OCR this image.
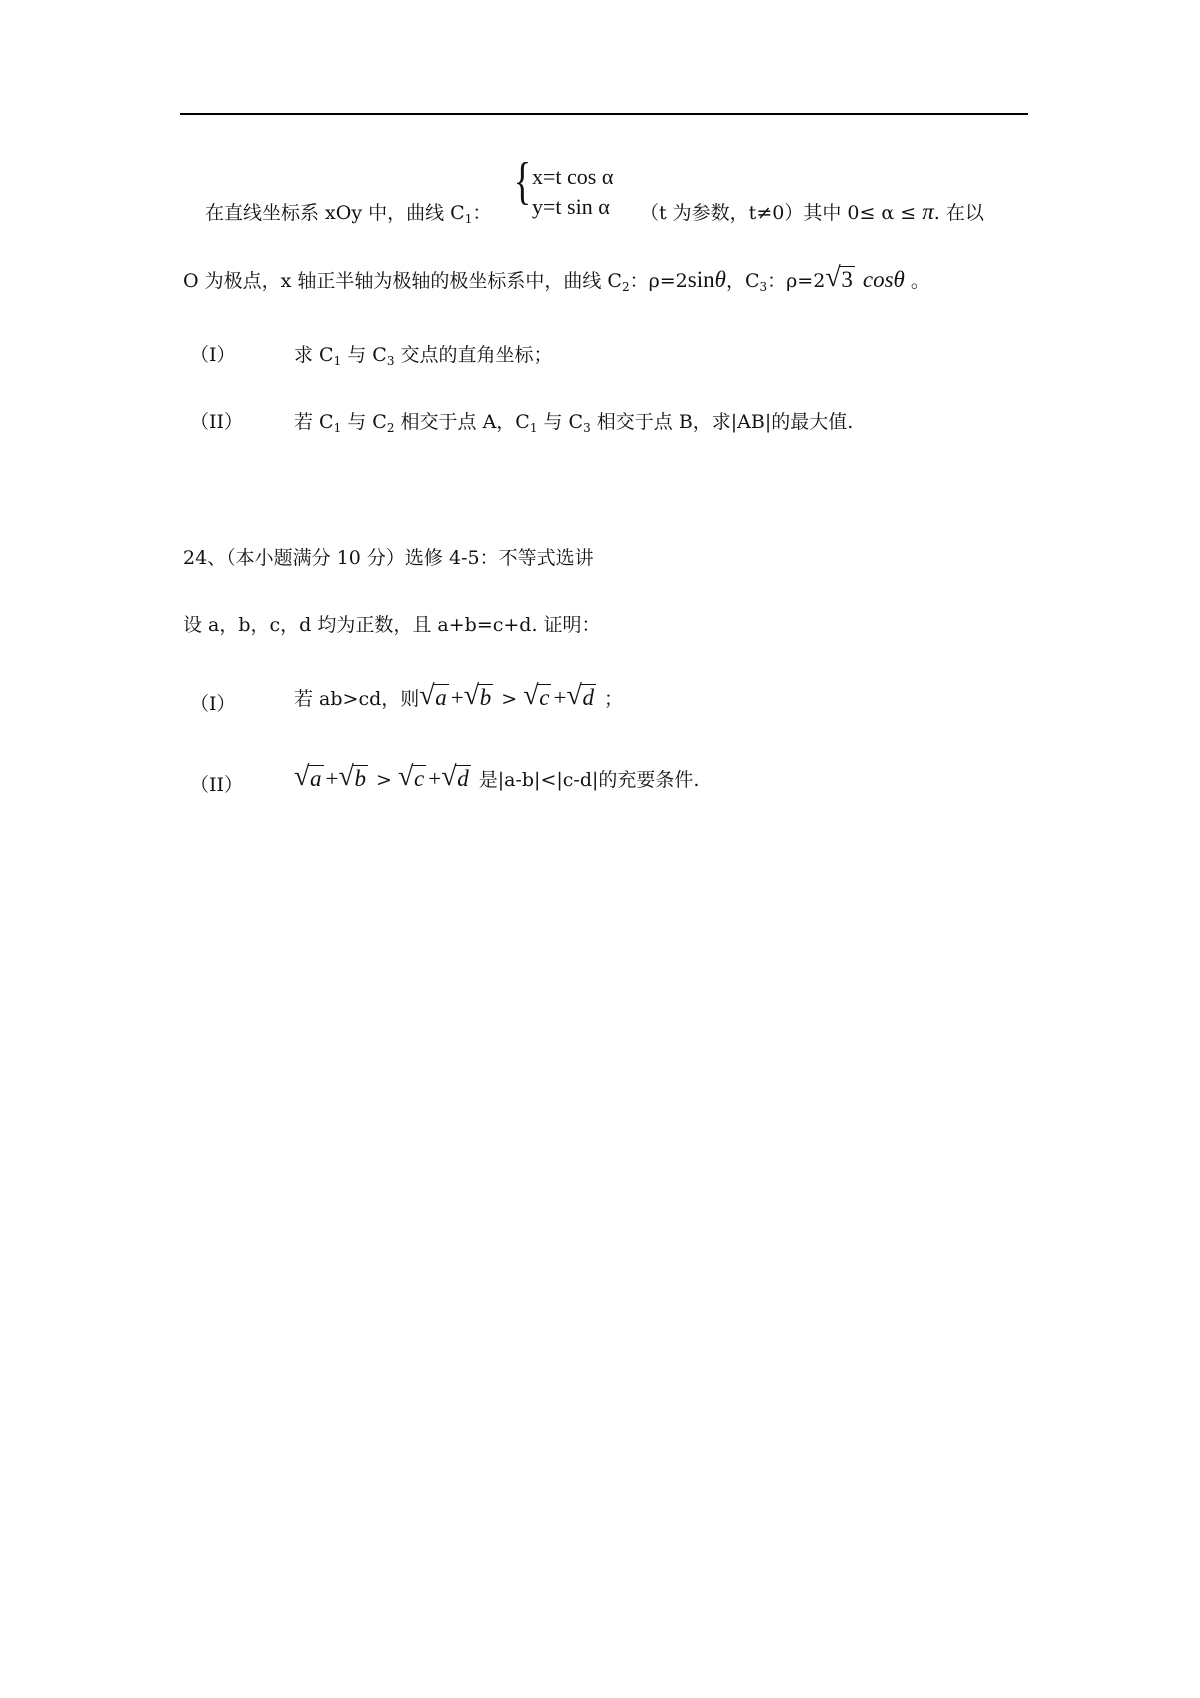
在直线坐标系 xOy 中，曲线 $C_1$：
{ x=t cos α
y=t sin α （t 为参数，t≠0）其中 0≤ α ≤ π. 在以
O 为极点，x 轴正半轴为极轴的极坐标系中，曲线 $C_2$：ρ=2sinθ，$C_3$：ρ=2 √ 3 cosθ 。
（I）	求 $C_1$ 与 $C_3$ 交点的直角坐标；
（II）	若 $C_1$ 与 $C_2$ 相交于点 A，$C_1$ 与 $C_3$ 相交于点 B，求|AB|的最大值.
24、（本小题满分 10 分）选修 4-5：不等式选讲
设 a，b，c，d 均为正数，且 a+b=c+d. 证明：
（I）	若 ab>cd，则 √ a + √ b > √ c + √ d ；
（II） √ a + √ b > √ c + √ d 是|a-b|<|c-d|的充要条件.
